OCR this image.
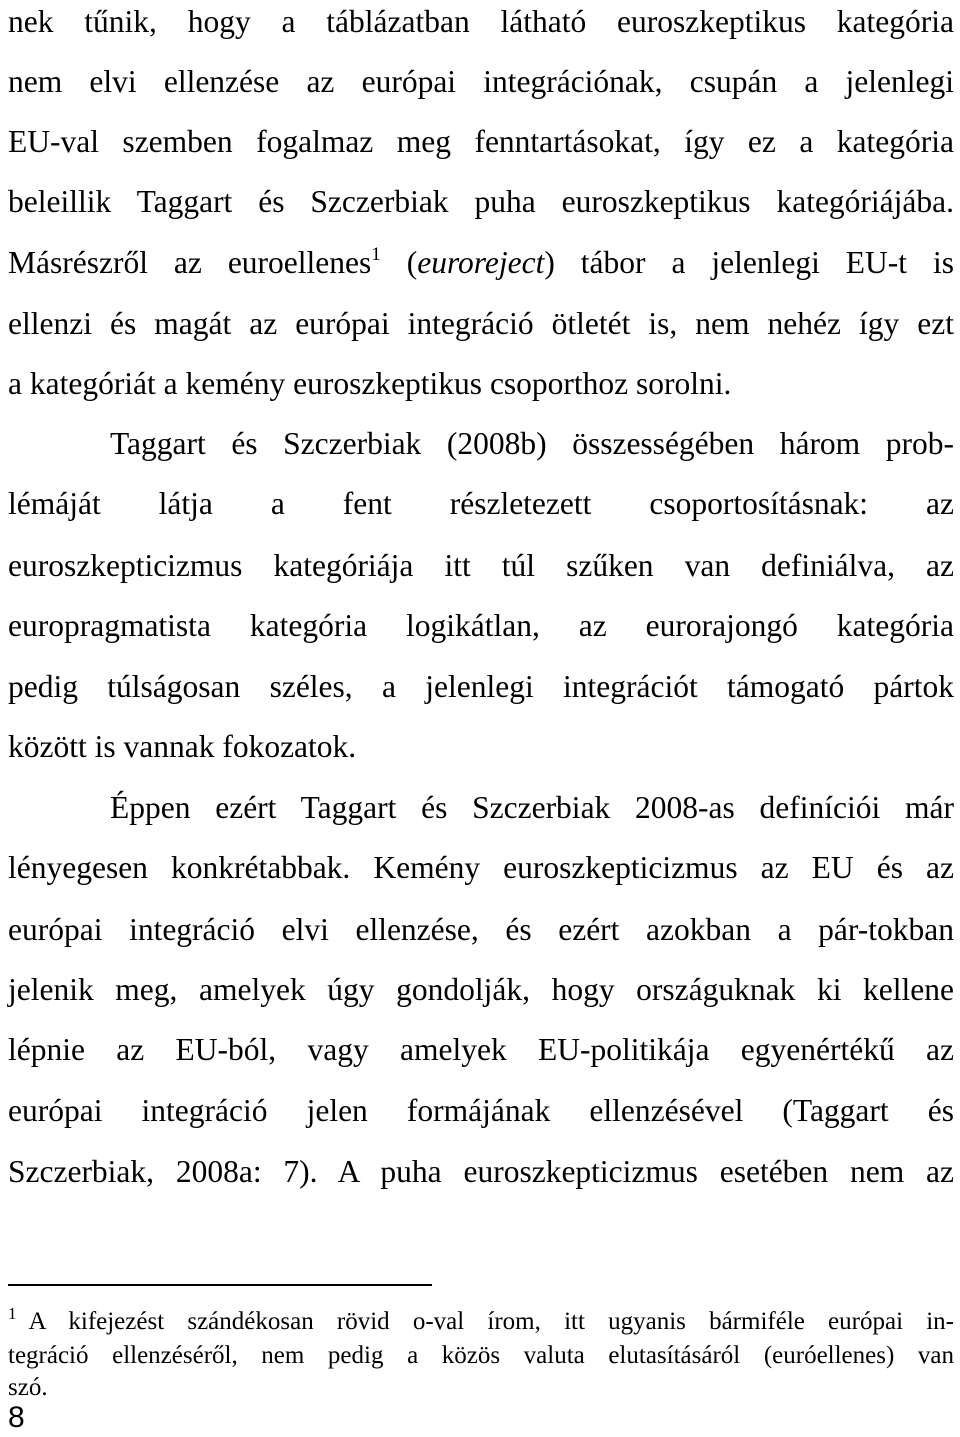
nek tűnik, hogy a táblázatban látható euroszkeptikus kategória
nem elvi ellenzése az európai integrációnak, csupán a jelenlegi
EU-val szemben fogalmaz meg fenntartásokat, így ez a kategória
beleillik Taggart és Szczerbiak puha euroszkeptikus kategóriájába.
Másrészről az euroellenes$^1$ (euroreject) tábor a jelenlegi EU-t is
ellenzi és magát az európai integráció ötletét is, nem nehéz így ezt
a kategóriát a kemény euroszkeptikus csoporthoz sorolni.
Taggart és Szczerbiak (2008b) összességében három prob-
lémáját látja a fent részletezett csoportosításnak: az
euroszkepticizmus kategóriája itt túl szűken van definiálva, az
europragmatista kategória logikátlan, az eurorajongó kategória
pedig túlságosan széles, a jelenlegi integrációt támogató pártok
között is vannak fokozatok.
Éppen ezért Taggart és Szczerbiak 2008-as definíciói már
lényegesen konkrétabbak. Kemény euroszkepticizmus az EU és az
európai integráció elvi ellenzése, és ezért azokban a pár-tokban
jelenik meg, amelyek úgy gondolják, hogy országuknak ki kellene
lépnie az EU-ból, vagy amelyek EU-politikája egyenértékű az
európai integráció jelen formájának ellenzésével (Taggart és
Szczerbiak, 2008a: 7). A puha euroszkepticizmus esetében nem az
$^1$ A kifejezést szándékosan rövid o-val írom, itt ugyanis bármiféle európai in-
tegráció ellenzéséről, nem pedig a közös valuta elutasításáról (euróellenes) van
szó.
8
